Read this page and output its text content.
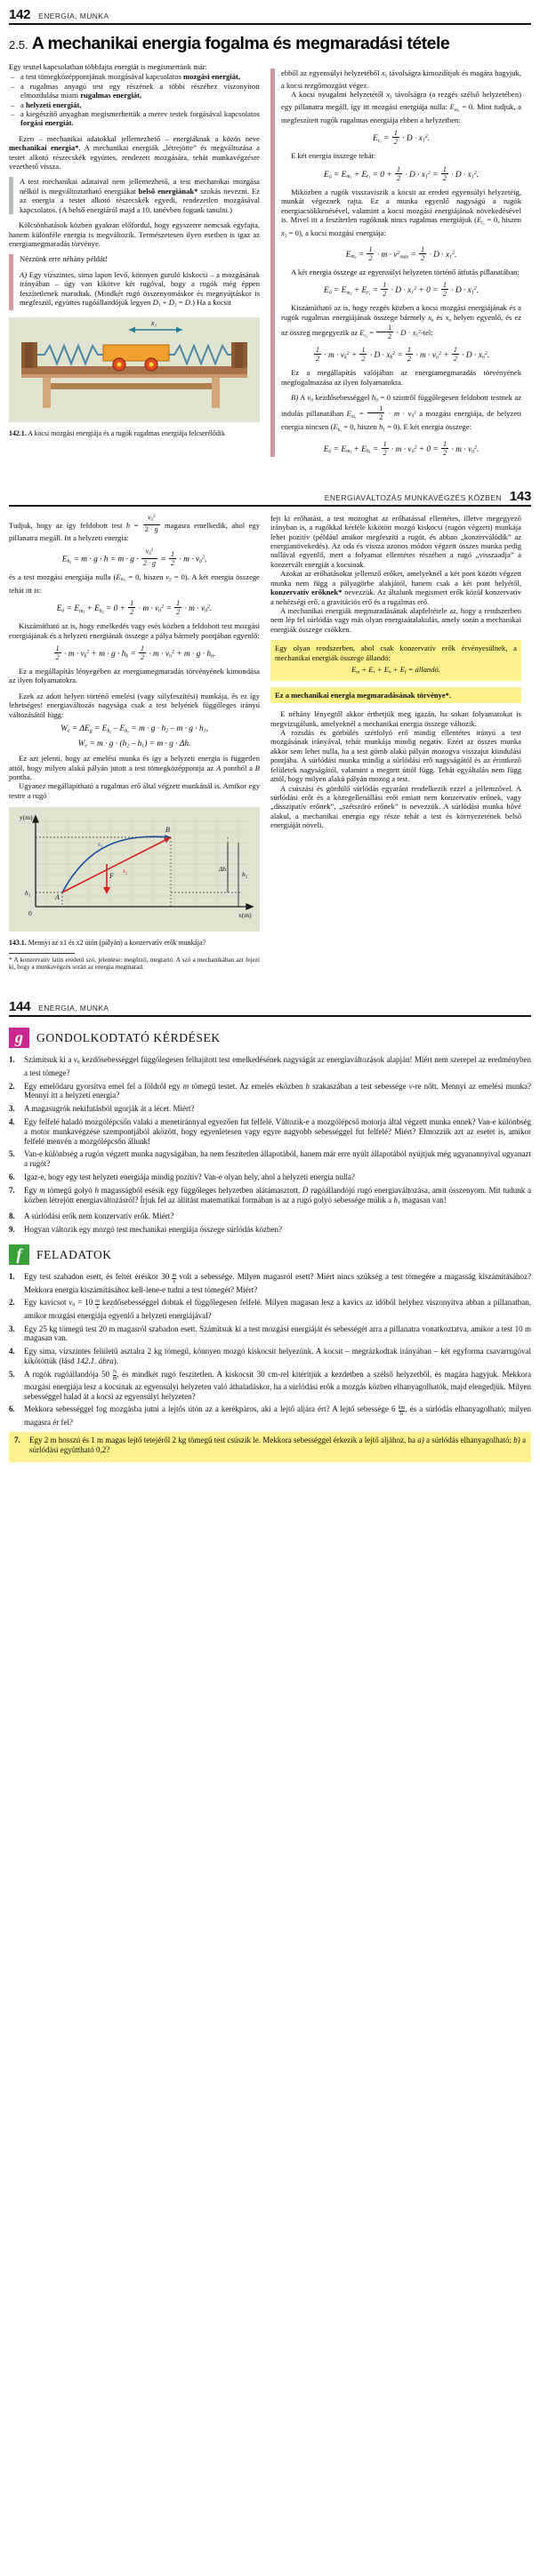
142 ENERGIA, MUNKA
2.5. A mechanikai energia fogalma és megmaradási tétele

Egy testtel kapcsolatban többfajta energiát is megismertünk már:

– a test tömegközéppontjának mozgásával kapcsolatos mozgási energiát,
– a rugalmas anyagú test egy részének a többi részéhez viszonyított elmozdulása miatti rugalmas energiát,
– a helyzeti energiát,
– a kiegészítő anyagban megismerhettük a merev testek forgásával kapcsolatos forgási energiát.

Ezen – mechanikai adatokkal jellemezhető – energiáknak a közös neve mechanikai energia*. A mechanikai energiák „létrejötte” és megváltozása a testet alkotó részecskék együttes, rendezett mozgására, tehát munkavégzésre vezethető vissza.

A test mechanikai adataival nem jellemezhető, a test mechanikai mozgása nélkül is megváltoztatható energiákat belső energiának* szokás nevezni. Ez az energia a testet alkotó részecskék egyedi, rendezetlen mozgásával kapcsolatos. (A belső energiáról majd a 10. tanévben fogunk tanulni.)

Kölcsönhatások közben gyakran előfordul, hogy egyszerre nemcsak egyfajta, hanem különféle energia is megváltozik. Természetesen ilyen esetben is igaz az energiamegmaradás törvénye.

Nézzünk erre néhány példát!

A) Egy vízszintes, sima lapon levő, könnyen guruló kiskocsi – a mozgásának irányában – úgy van kikötve két rugóval, hogy a rugók még éppen feszítetlenek maradtak. (Mindkét rugó összenyomáskor és megnyújtáskor is megfeszül, együttes rugóállandójuk legyen $D_1 + D_2 = D$.) Ha a kocsit

x₁
142.1. A kocsi mozgási energiája és a rugók rugalmas energiája felcserélődik

ebből az egyensúlyi helyzetéből $x_1$ távolságra kimozdítjuk és magára hagyjuk, a kocsi rezgőmozgást végez.

A kocsi nyugalmi helyzetétől $x_1$ távolságra (a rezgés szélső helyzetében) egy pillanatra megáll, így itt mozgási energiája nulla: $E_{m_1} = 0$. Mint tudjuk, a megfeszített rugók rugalmas energiája ebben a helyzetben:

$E_{r_1} = \frac{1}{2} \cdot D \cdot x_1^2$.

E két energia összege tehát:

$E_ö = E_{m_1} + E_{r_1} = 0 + \frac{1}{2} \cdot D \cdot x_1^2 = \frac{1}{2} \cdot D \cdot x_1^2$.

Miközben a rugók visszaviszik a kocsit az eredeti egyensúlyi helyzetéig, munkát végeznek rajta. Ez a munka egyenlő nagyságú a rugók energiacsökkenésével, valamint a kocsi mozgási energiájának növekedésével is. Mivel itt a feszítetlen rugóknak nincs rugalmas energiájuk ($E_{r_2} = 0$, hiszen $x_2 = 0$), a kocsi mozgási energiája:

$E_{m_2} = \frac{1}{2} \cdot m \cdot v^2_{max} = \frac{1}{2} \cdot D \cdot x_1^2$.

A két energia összege az egyensúlyi helyzeten történő átfutás pillanatában:

$E_ö = E_{m_2} + E_{r_2} = \frac{1}{2} \cdot D \cdot x_1^2 + 0 = \frac{1}{2} \cdot D \cdot x_1^2$.

Kiszámítható az is, hogy rezgés közben a kocsi mozgási energiájának és a rugók rugalmas energiájának összege bármely $x_k$ és $x_n$ helyen egyenlő, és ez az összeg megegyezik az $E_{r_1} = \frac{1}{2} \cdot D \cdot x_1^2-tel$:

$\frac{1}{2} \cdot m \cdot v_k^2 + \frac{1}{2} \cdot D \cdot x_k^2 = \frac{1}{2} \cdot m \cdot v_n^2 + \frac{1}{2} \cdot D \cdot x_n^2$.

Ez a megállapítás valójában az energiamegmaradás törvényének megfogalmazása az ilyen folyamatokra.

B) A $v_0$ kezdősebességgel $h_0 = 0$ szintről függőlegesen feldobott testnek az indulás pillanatában $E_{m_1} = \frac{1}{2} \cdot m \cdot v_0^2$ a mozgási energiája, de helyzeti energia nincsen ($E_{h_1} = 0$, hiszen $h_1 = 0$). E két energia összege:

$E_ö = E_{m_1} + E_{h_1} = \frac{1}{2} \cdot m \cdot v_0^2 + 0 = \frac{1}{2} \cdot m \cdot v_0^2$.
ENERGIAVÁLTOZÁS MUNKAVÉGZÉS KÖZBEN 143

Tudjuk, hogy az így feldobott test $h = \frac{v_0^2}{2 \cdot g}$ magasra emelkedik, ahol egy pillanatra megáll. Itt a helyzeti energia:

$E_{h_2} = m \cdot g \cdot h = m \cdot g \cdot \frac{v_0^2}{2 \cdot g} = \frac{1}{2} \cdot m \cdot v_0^2$,

és a test mozgási energiája nulla ($E_{m_2} = 0$, hiszen $v_2 = 0$). A két energia összege tehát itt is:

$E_ö = E_{m_2} + E_{h_2} = 0 + \frac{1}{2} \cdot m \cdot v_0^2 = \frac{1}{2} \cdot m \cdot v_0^2$.

Kiszámítható az is, hogy emelkedés vagy esés közben a feldobott test mozgási energiájának és a helyzeti energiának összege a pálya bármely pontjában egyenlő:

$\frac{1}{2} \cdot m \cdot v_k^2 + m \cdot g \cdot h_k = \frac{1}{2} \cdot m \cdot v_n^2 + m \cdot g \cdot h_n$.

Ez a megállapítás lényegében az energiamegmaradás törvényének kimondása az ilyen folyamatokra.

Ezek az adott helyen történő emelési (vagy súlyfeszítési) munkája, és ez így lehetséges! energiaváltozás nagysága csak a test helyének függőleges irányú változásától függ:

$W_e = \Delta E_g = E_{h_2} - E_{h_1} = m \cdot g \cdot h_2 - m \cdot g \cdot h_1$,
$W_e = m \cdot g \cdot (h_2 - h_1) = m \cdot g \cdot \Delta h$.

Ez azt jelenti, hogy az emelési munka és így a helyzeti energia is független attól, hogy milyen alakú pályán jutott a test tömegközéppontja az A pontból a B pontba.

Ugyanez megállapítható a rugalmas erő által végzett munkánál is. Amikor egy testre a rugó

y(m)
x(m)
0
F
A
B
s₁
s₂	Δh
h₂
h₁
143.1. Mennyi az x1 és x2 útón (pályán) a konzervatív erők munkája?

* A konzervatív latin eredetű szó, jelentése: megőrző, megtartó. A szó a mechanikában azt fejezi ki, hogy a munkavégzés során az energia megmarad.

fejt ki erőhatást, a test mozoghat az erőhatással ellentétes, illetve megegyező irányban is, a rugókkal kétféle kikötött mozgó kiskocsi (rugón végzett) munkája lehet pozitív (például amikor megfeszíti a rugót, és abban „konzerválódik” az energianövekedés). Az oda és vissza azonos módon végzett összes munka pedig nullával egyenlő, mert a folyamat ellentétes részében a rugó „visszaadja” a konzervált energiát a kocsinak.

Azokat az erőhatásokat jellemző erőket, amelyeknél a két pont között végzett munka nem függ a pályagörbe alakjától, hanem csak a két pont helyétől, konzervatív erőknek* nevezzük. Az általunk megismert erők közül konzervatív a nehézségi erő, a gravitációs erő és a rugalmas erő.

A mechanikai energiák megmaradásának alapfeltétele az, hogy a rendszerben nem lép fel súrlódás vagy más olyan energiaátalakulás, amely során a mechanikai energiák összege csökken.

Egy olyan rendszerben, ahol csak konzervatív erők érvényesülnek, a mechanikai energiák összege állandó:

$E_m + E_r + E_h + E_f$ = állandó.

Ez a mechanikai energia megmaradásának törvénye*.

E néhány lényegtől akkor érthetjük meg igazán, ha sokan folyamatokat is megvizsgálunk, amelyeknél a mechanikai energia összege változik.

A rozsdás és görbülés szétfolyó erő mindig ellentétes irányú a test mozgásának irányával, tehát munkája mindig negatív. Ezért az összes munka akkor sem lehet nulla, ha a test gömb alakú pályán mozogva visszajut kiindulási pontjába. A súrlódási munka mindig a súrlódási erő nagyságától és az érintkező felületek nagyságától, valamint a megtett úttól függ. Tehát egyáltalán nem függ attól, hogy milyen alakú pályán mozog a test.

A csúszási és gördülő súrlódás egyaránt rendelkezik ezzel a jellemzővel. A súrlódási erőt és a közegellenállási erőt emiatt nem konzervatív erőnek, vagy „disszipatív erőnek”, „szétszóró erőnek” is nevezzük. A súrlódási munka hővé alakul, a mechanikai energia egy része tehát a test és környezetének belső energiáját növeli.

144 ENERGIA, MUNKA
g	GONDOLKODTATÓ KÉRDÉSEK
Számítsuk ki a $v_0$ kezdősebességgel függőlegesen felhajított test emelkedésének nagyságát az energiaváltozások alapján! Miért nem szerepel az eredményben a test tömege?
Egy emelődaru gyorsítva emel fel a földről egy m tömegű testet. Az emelés eközben h szakaszában a test sebessége v-re nőtt. Mennyi az emelési munka? Mennyi itt a helyzeti energia?
A magasugrók nekifutásból ugorják át a lécet. Miért?
Egy felfelé haladó mozgólépcsőn valaki a menetiránnyal egyezően fut felfelé. Változik-e a mozgólépcső motorja által végzett munka ennek? Van-e különbség a motor munkavégzése szempontjából aközött, hogy egyenletesen vagy egyre nagyobb sebességgel fut felfelé? Miért? Elmozzük azt az esetet is, amikor felfelé menvén a mozgólépcsőn állunk!
Van-e különbség a rugón végzett munka nagyságában, ha nem feszítetlen állapotából, hanem már erre nyúlt állapotából nyújtjuk még ugyanannyival ugyanazt a rugót?
Igaz-e, hogy egy test helyzeti energiája mindig pozitív? Van-e olyan hely, ahol a helyzeti energia nulla?
Egy m tömegű golyó h magasságból esésik egy függőleges helyzetben alátámasztott, D rugóállandójú rugó energiaváltozása, amit összenyom. Mit tudunk a közben létrejött energiaváltozásról? Írjuk fel az állítást matematikai formában is az a rugó golyó sebessége múlik a $h_1$ magasan van!
A súrlódási erők nem konzervatív erők. Miért?
Hogyan változik egy mozgó test mechanikai energiája összege súrlódás közben?
f	FELADATOK
Egy test szabadon esett, és feltét éréskor $30 \frac{m}{s}$ volt a sebessége. Milyen magasról esett? Miért nincs szükség a test tömegére a magasság kiszámításához? Mekkora energia kiszámításához kell-lene-e tudni a test tömegét? Miért?
Egy kavicsot $v_0 = 10 \frac{m}{s}$ kezdősebességgel dobtak el függőlegesen felfelé. Milyen magasan lesz a kavics az időből helyhez viszonyítva abban a pillanatban, amikor mozgási energiája egyenlő a helyzeti energiájával?
Egy 25 kg tömegű test 20 m magasról szabadon esett. Számítsuk ki a test mozgási energiáját és sebességét arra a pillanatra vonatkoztatva, amikor a test 10 m magasan van.
Egy sima, vízszintes felületű asztalra 2 kg tömegű, könnyen mozgó kiskocsit helyezünk. A kocsit – megrázkodtak irányában – két egyforma csavarrugóval kikötöttük (lásd 142.1. ábra).
A rugók rugóállandója $50 \frac{N}{m}$ , és mindkét rugó feszítetlen. A kiskocsit 30 cm-rel kitérítjük a kezdetben a szélső helyzetből, és magára hagyjuk. Mekkora mozgási energiája lesz a kocsinak az egyensúlyi helyzeten való áthaladáskor, ha a súrlódási erők a mozgás közben elhanyagolhatók, majd elengedjük. Milyen sebességgel halad át a kocsi az egyensúlyi helyzeten?
Mekkora sebességgel fog mozgásba jutni a lejtős útón az a kerékpáros, aki a lejtő aljára ért? A lejtő sebessége $6 \frac{km}{h}$ , és a súrlódás elhanyagolható; milyen magasra ér fel?
Egy 2 m hosszú és 1 m magas lejtő tetejéről 2 kg tömegű test csúszik le. Mekkora sebességgel érkezik a lejtő aljához, ha a) a súrlódás elhanyagolható; b) a súrlódási együttható 0,2?
